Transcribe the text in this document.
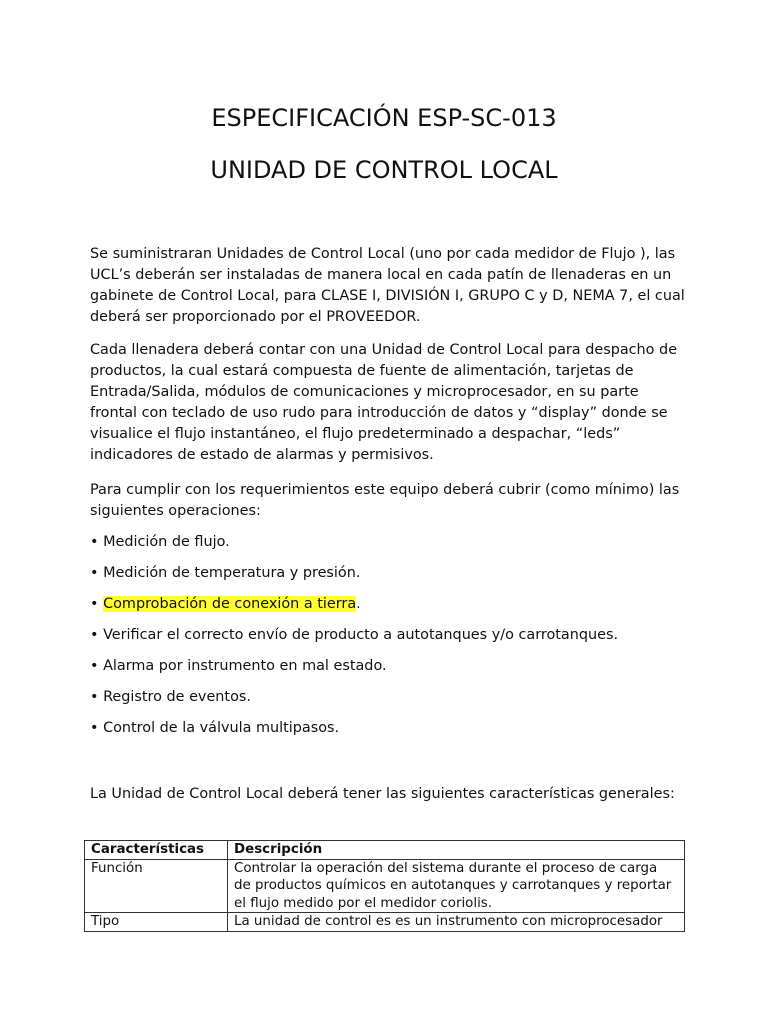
ESPECIFICACIÓN ESP-SC-013
UNIDAD DE CONTROL LOCAL

Se suministraran Unidades de Control Local (uno por cada medidor de Flujo ), las UCL’s deberán ser instaladas de manera local en cada patín de llenaderas en un gabinete de Control Local, para CLASE I, DIVISIÓN I, GRUPO C y D, NEMA 7, el cual deberá ser proporcionado por el PROVEEDOR.

Cada llenadera deberá contar con una Unidad de Control Local para despacho de productos, la cual estará compuesta de fuente de alimentación, tarjetas de Entrada/Salida, módulos de comunicaciones y microprocesador, en su parte frontal con teclado de uso rudo para introducción de datos y “display” donde se visualice el flujo instantáneo, el flujo predeterminado a despachar, “leds” indicadores de estado de alarmas y permisivos.

Para cumplir con los requerimientos este equipo deberá cubrir (como mínimo) las siguientes operaciones:

• Medición de flujo.
• Medición de temperatura y presión.
• Comprobación de conexión a tierra.
• Verificar el correcto envío de producto a autotanques y/o carrotanques.
• Alarma por instrumento en mal estado.
• Registro de eventos.
• Control de la válvula multipasos.

La Unidad de Control Local deberá tener las siguientes características generales:

Características	Descripción
Función	Controlar la operación del sistema durante el proceso de carga de productos químicos en autotanques y carrotanques y reportar el flujo medido por el medidor coriolis.
Tipo	La unidad de control es es un instrumento con microprocesador
